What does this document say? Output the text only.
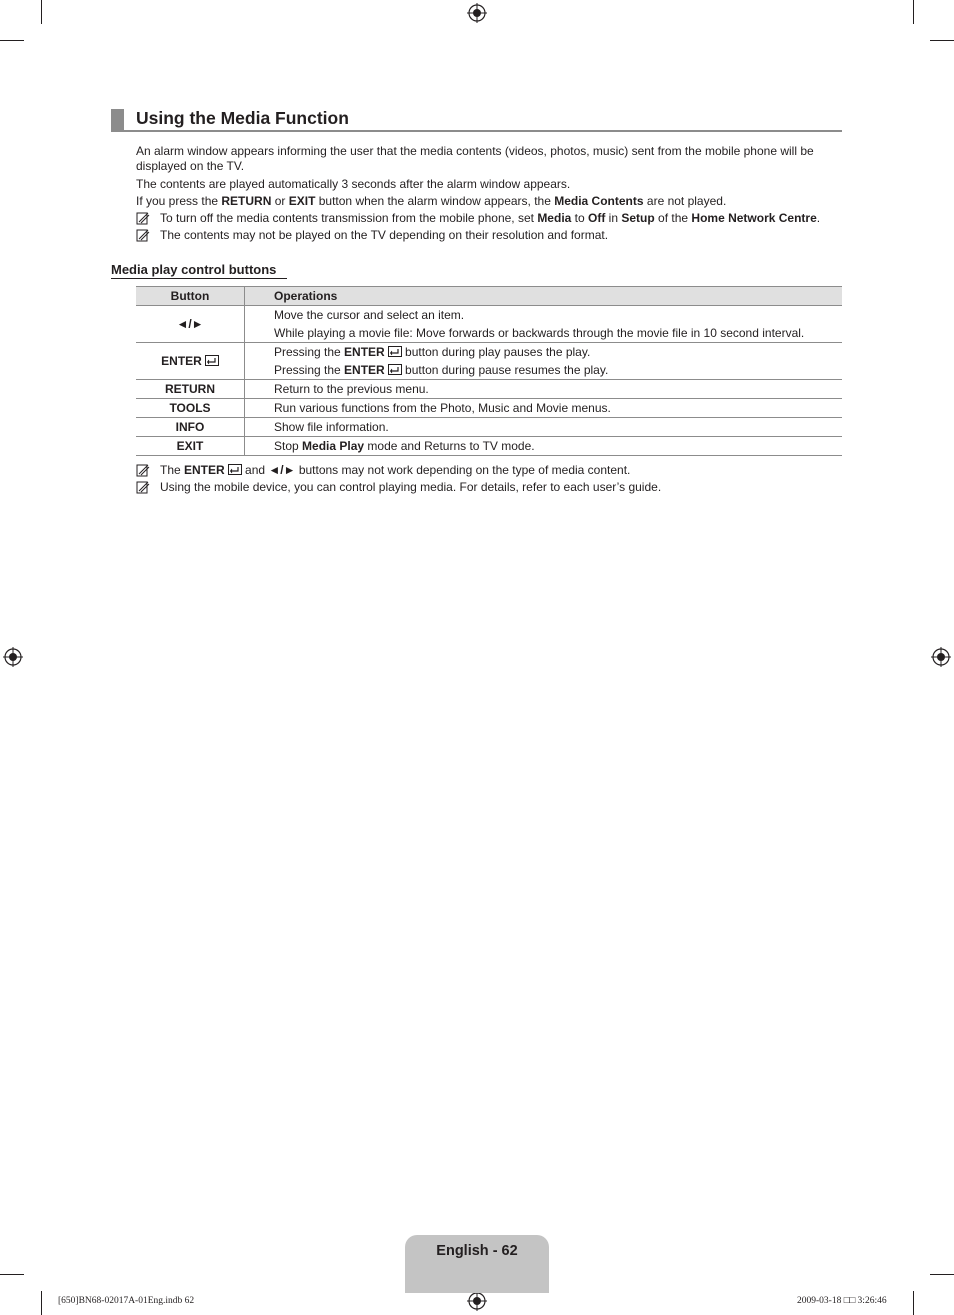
Using the Media Function
An alarm window appears informing the user that the media contents (videos, photos, music) sent from the mobile phone will be
displayed on the TV.
The contents are played automatically 3 seconds after the alarm window appears.
If you press the RETURN or EXIT button when the alarm window appears, the Media Contents are not played.
To turn off the media contents transmission from the mobile phone, set Media to Off in Setup of the Home Network Centre.
The contents may not be played on the TV depending on their resolution and format.
Media play control buttons
Button	Operations
◄/►	Move the cursor and select an item.
While playing a movie file: Move forwards or backwards through the movie file in 10 second interval.

ENTER	Pressing the ENTER button during play pauses the play.
Pressing the ENTER button during pause resumes the play.

RETURN	Return to the previous menu.
TOOLS	Run various functions from the Photo, Music and Movie menus.
INFO	Show file information.
EXIT	Stop Media Play mode and Returns to TV mode.
The ENTER and ◄/► buttons may not work depending on the type of media content.
Using the mobile device, you can control playing media. For details, refer to each user’s guide.
English - 62
[650]BN68-02017A-01Eng.indb 62	2009-03-18 □□ 3:26:46
